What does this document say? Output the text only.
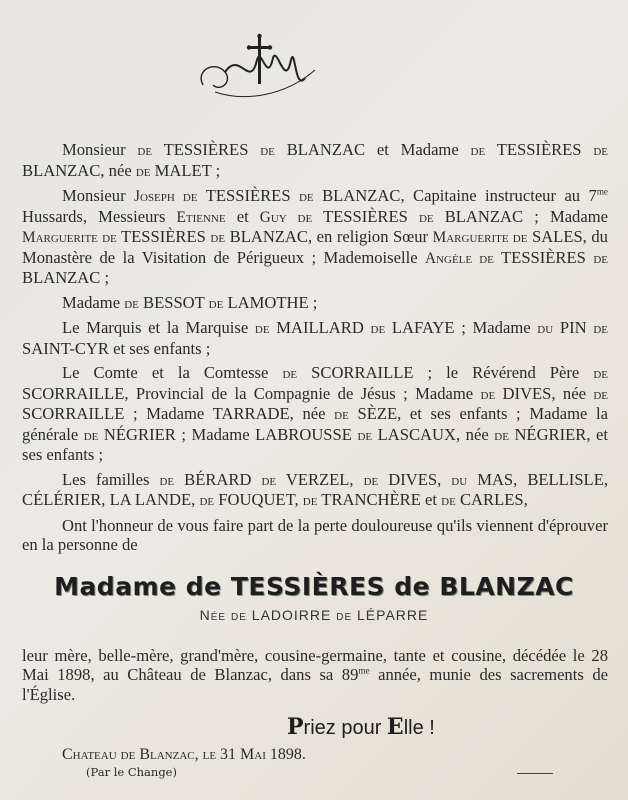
Monsieur de TESSIÈRES de BLANZAC et Madame de TESSIÈRES de BLANZAC, née de MALET ;

Monsieur Joseph de TESSIÈRES de BLANZAC, Capitaine instructeur au $7^{me}$ Hussards, Messieurs Etienne et Guy de TESSIÈRES de BLANZAC ; Madame Marguerite de TESSIÈRES de BLANZAC, en religion Sœur Marguerite de SALES, du Monastère de la Visitation de Périgueux ; Mademoiselle Angèle de TESSIÈRES de BLANZAC ;

Madame de BESSOT de LAMOTHE ;

Le Marquis et la Marquise de MAILLARD de LAFAYE ; Madame du PIN de SAINT-CYR et ses enfants ;

Le Comte et la Comtesse de SCORRAILLE ; le Révérend Père de SCORRAILLE, Provincial de la Compagnie de Jésus ; Madame de DIVES, née de SCORRAILLE ; Madame TARRADE, née de SÈZE, et ses enfants ; Madame la générale de NÉGRIER ; Madame LABROUSSE de LASCAUX, née de NÉGRIER, et ses enfants ;

Les familles de BÉRARD de VERZEL, de DIVES, du MAS, BELLISLE, CÉLÉRIER, LA LANDE, de FOUQUET, de TRANCHÈRE et de CARLES,

Ont l'honneur de vous faire part de la perte douloureuse qu'ils viennent d'éprouver en la personne de

Madame de TESSIÈRES de BLANZAC
Née de LADOIRRE de LÉPARRE

leur mère, belle-mère, grand'mère, cousine-germaine, tante et cousine, décédée le 28 Mai 1898, au Château de Blanzac, dans sa $89^{me}$ année, munie des sacrements de l'Église.

Priez pour Elle !
Chateau de Blanzac, le 31 Mai 1898.
(Par le Change)
